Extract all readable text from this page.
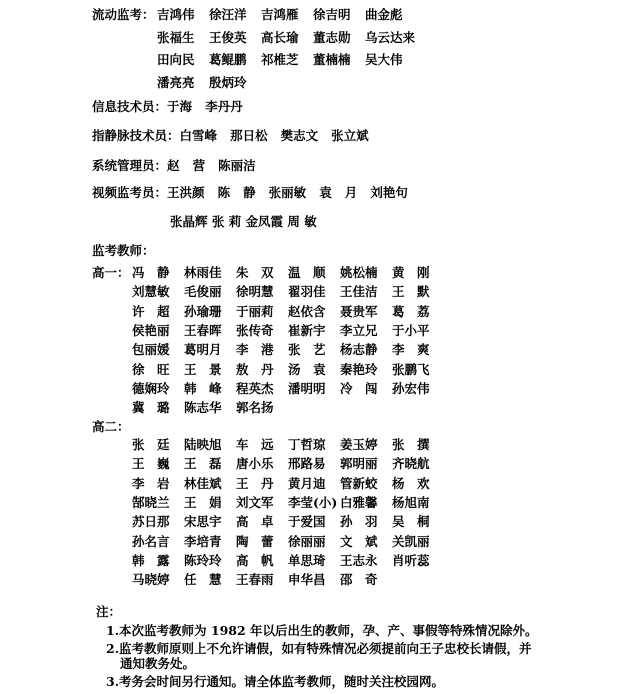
流动监考： 吉鸿伟	徐汪洋	吉鸿雁	徐吉明	曲金彪
张福生	王俊英	高长瑜	董志勋	乌云达来
田向民	葛鲲鹏	祁椎芝	董楠楠	吴大伟
潘亮亮	殷炳玲
信息技术员：于海   李丹丹
指静脉技术员：白雪峰   那日松   樊志文   张立斌
系统管理员：赵   营   陈丽洁
视频监考员：王洪颜   陈   静   张丽敏   袁   月   刘艳句
张晶辉 张 莉 金凤霞 周 敏
监考教师：
高一： 冯　静	林雨佳	朱　双	温　顺	姚松楠	黄　刚
刘慧敏	毛俊丽	徐明慧	翟羽佳	王佳洁	王　默
许　超	孙瑜珊	于丽莉	赵依含	聂贵军	葛　荔
侯艳丽	王春晖	张传奇	崔新宇	李立兄	于小平
包丽媛	葛明月	李　港	张　艺	杨志静	李　爽
徐　旺	王　景	敖　丹	汤　袁	秦艳玲	张鹏飞
德娴玲	韩　峰	程英杰	潘明明	冷　闯	孙宏伟
冀　璐	陈志华	郭名扬
高二：
张　廷	陆映旭	车　远	丁哲琼	姜玉婷	张　撰
王　巍	王　磊	唐小乐	邢路易	郭明丽	齐晓航
李　岩	林佳斌	王　丹	黄月迪	管新蛟	杨　欢
郜晓兰	王　娟	刘文军	李莹(小) 白雅馨	杨旭南
苏日那	宋思宇	高　卓	于爱国	孙　羽	吴　桐
孙名言	李培青	陶　蕾	徐丽丽	文　斌	关凯丽
韩　露	陈玲玲	高　帆	单思琦	王志永	肖听蕊
马晓婷	任　慧	王春雨	申华昌	邵　奇
注：
1.本次监考教师为 1982 年以后出生的教师，孕、产、事假等特殊情况除外。
2.监考教师原则上不允许请假，如有特殊情况必须提前向王子忠校长请假，并
通知教务处。
3.考务会时间另行通知。请全体监考教师，随时关注校园网。
